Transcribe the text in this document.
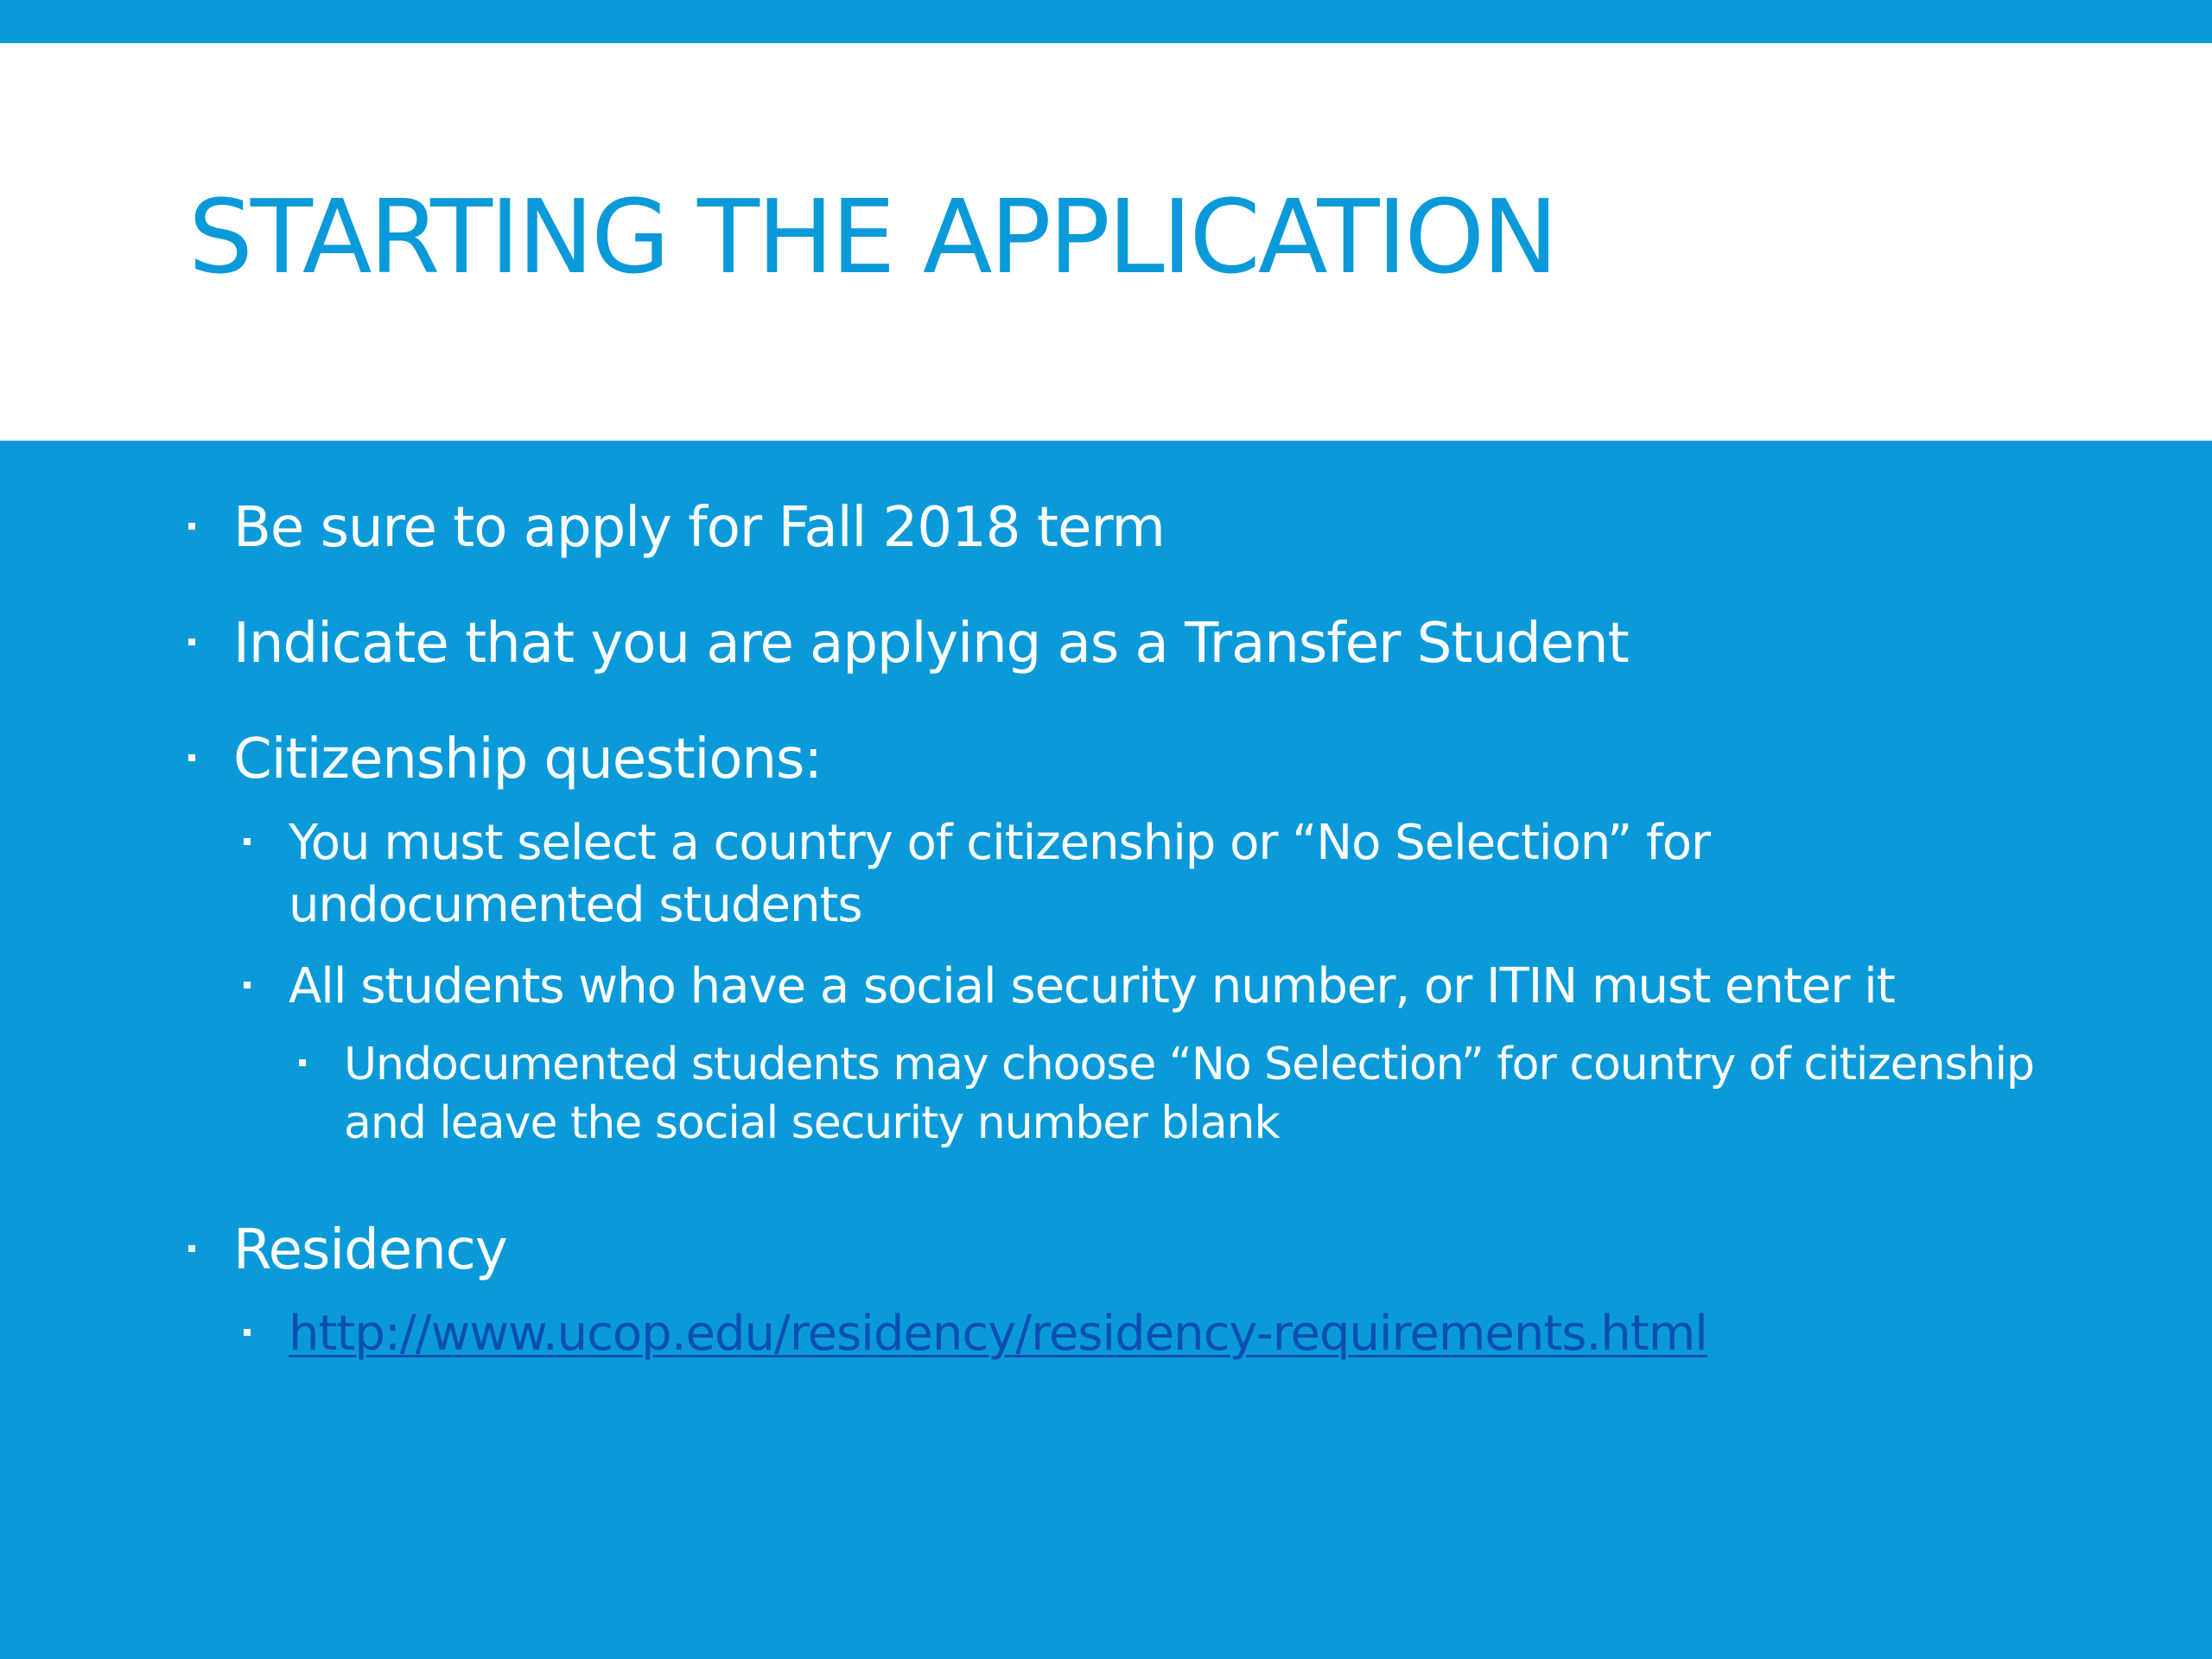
STARTING THE APPLICATION
Be sure to apply for Fall 2018 term
Indicate that you are applying as a Transfer Student
Citizenship questions:
You must select a country of citizenship or “No Selection” for undocumented students
All students who have a social security number, or ITIN must enter it
Undocumented students may choose “No Selection” for country of citizenship and leave the social security number blank
Residency
http://www.ucop.edu/residency/residency-requirements.html
